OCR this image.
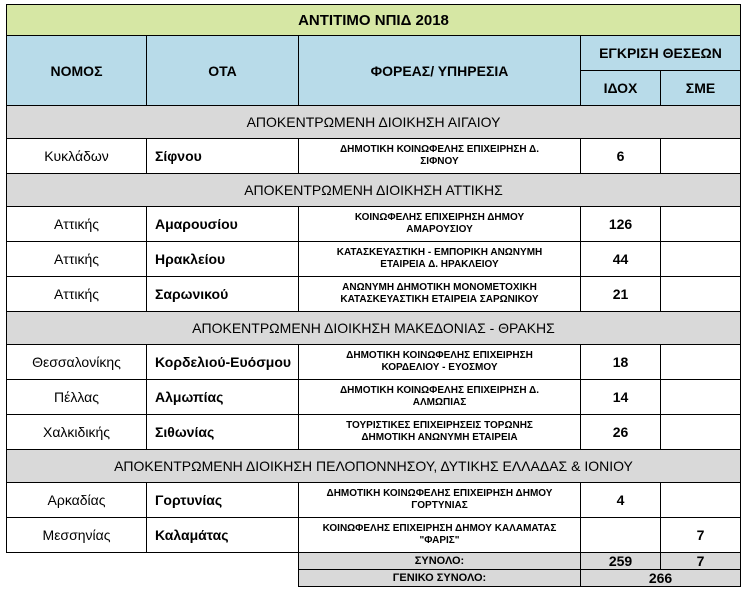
ΑΝΤΙΤΙΜΟ ΝΠΙΔ 2018				
ΝΟΜΟΣ	ΟΤΑ	ΦΟΡΕΑΣ/ ΥΠΗΡΕΣΙΑ	ΕΓΚΡΙΣΗ ΘΕΣΕΩΝ	
			ΙΔΟΧ	ΣΜΕ
ΑΠΟΚΕΝΤΡΩΜΕΝΗ ΔΙΟΙΚΗΣΗ ΑΙΓΑΙΟΥ				
Κυκλάδων	Σίφνου	ΔΗΜΟΤΙΚΗ ΚΟΙΝΩΦΕΛΗΣ ΕΠΙΧΕΙΡΗΣΗ Δ.
ΣΙΦΝΟΥ	6	
ΑΠΟΚΕΝΤΡΩΜΕΝΗ ΔΙΟΙΚΗΣΗ ΑΤΤΙΚΗΣ				
Αττικής	Αμαρουσίου	ΚΟΙΝΩΦΕΛΗΣ ΕΠΙΧΕΙΡΗΣΗ ΔΗΜΟΥ
ΑΜΑΡΟΥΣΙΟΥ	126	
Αττικής	Ηρακλείου	ΚΑΤΑΣΚΕΥΑΣΤΙΚΗ - ΕΜΠΟΡΙΚΗ ΑΝΩΝΥΜΗ
ΕΤΑΙΡΕΙΑ Δ. ΗΡΑΚΛΕΙΟΥ	44	
Αττικής	Σαρωνικού	ΑΝΩΝΥΜΗ ΔΗΜΟΤΙΚΗ ΜΟΝΟΜΕΤΟΧΙΚΗ
ΚΑΤΑΣΚΕΥΑΣΤΙΚΗ ΕΤΑΙΡΕΙΑ ΣΑΡΩΝΙΚΟΥ	21	
ΑΠΟΚΕΝΤΡΩΜΕΝΗ ΔΙΟΙΚΗΣΗ ΜΑΚΕΔΟΝΙΑΣ - ΘΡΑΚΗΣ				
Θεσσαλονίκης	Κορδελιού-Ευόσμου	ΔΗΜΟΤΙΚΗ ΚΟΙΝΩΦΕΛΗΣ ΕΠΙΧΕΙΡΗΣΗ
ΚΟΡΔΕΛΙΟΥ - ΕΥΟΣΜΟΥ	18	
Πέλλας	Αλμωπίας	ΔΗΜΟΤΙΚΗ ΚΟΙΝΩΦΕΛΗΣ ΕΠΙΧΕΙΡΗΣΗ Δ.
ΑΛΜΩΠΙΑΣ	14	
Χαλκιδικής	Σιθωνίας	ΤΟΥΡΙΣΤΙΚΕΣ ΕΠΙΧΕΙΡΗΣΕΙΣ ΤΟΡΩΝΗΣ
ΔΗΜΟΤΙΚΗ ΑΝΩΝΥΜΗ ΕΤΑΙΡΕΙΑ	26	
ΑΠΟΚΕΝΤΡΩΜΕΝΗ ΔΙΟΙΚΗΣΗ ΠΕΛΟΠΟΝΝΗΣΟΥ, ΔΥΤΙΚΗΣ ΕΛΛΑΔΑΣ & ΙΟΝΙΟΥ				
Αρκαδίας	Γορτυνίας	ΔΗΜΟΤΙΚΗ ΚΟΙΝΩΦΕΛΗΣ ΕΠΙΧΕΙΡΗΣΗ ΔΗΜΟΥ
ΓΟΡΤΥΝΙΑΣ	4	
Μεσσηνίας	Καλαμάτας	ΚΟΙΝΩΦΕΛΗΣ ΕΠΙΧΕΙΡΗΣΗ ΔΗΜΟΥ ΚΑΛΑΜΑΤΑΣ
"ΦΑΡΙΣ"		7
		ΣΥΝΟΛΟ:	259	7
		ΓΕΝΙΚΟ ΣΥΝΟΛΟ:	266	
